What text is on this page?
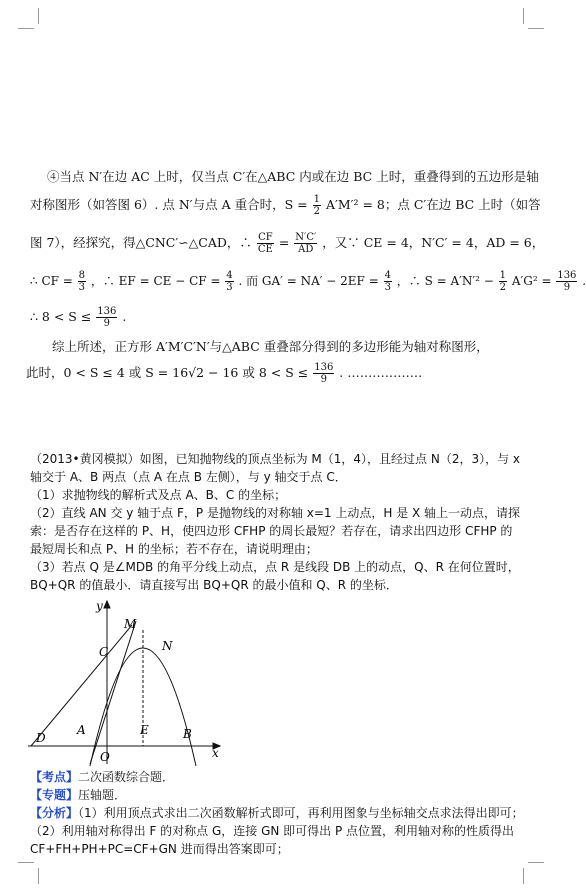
④当点 N′在边 AC 上时，仅当点 C′在△ABC 内或在边 BC 上时，重叠得到的五边形是轴
对称图形（如答图 6）. 点 N′与点 A 重合时，$S = \frac{1}{2} A'M'^2 = 8$；点 C′在边 BC 上时（如答
图 7），经探究，得△CNC′∽△CAD，∴ $\frac{CF}{CE} = \frac{N'C'}{AD}$ ，又∵ CE = 4，N′C′ = 4，AD = 6，
∴ CF = $\frac{8}{3}$ ，∴ EF = CE − CF = $\frac{4}{3}$ . 而 $GA' = NA' - 2EF = \frac{4}{3}$ ，∴ $S = A'N'^2 - \frac{1}{2} A'G^2 = \frac{136}{9}$ .
∴ $8 < S \le \frac{136}{9}$ .
综上所述，正方形 A′M′C′N′与△ABC 重叠部分得到的多边形能为轴对称图形，
此时，0 < S ≤ 4 或 S = 16√2 − 16 或 $8 < S \le \frac{136}{9}$ . ………………
（2013•黄冈模拟）如图，已知抛物线的顶点坐标为 M（1，4），且经过点 N（2，3），与 x
轴交于 A、B 两点（点 A 在点 B 左侧），与 y 轴交于点 C．
（1）求抛物线的解析式及点 A、B、C 的坐标；
（2）直线 AN 交 y 轴于点 F，P 是抛物线的对称轴 x=1 上动点，H 是 X 轴上一动点，请探
索：是否存在这样的 P、H，使四边形 CFHP 的周长最短？若存在，请求出四边形 CFHP 的
最短周长和点 P、H 的坐标；若不存在，请说明理由；
（3）若点 Q 是∠MDB 的角平分线上动点，点 R 是线段 DB 上的动点，Q、R 在何位置时，
BQ+QR 的值最小．请直接写出 BQ+QR 的最小值和 Q、R 的坐标．
y
M
N
C
D
A	E	B
O	x
【考点】二次函数综合题．
【专题】压轴题．
【分析】（1）利用顶点式求出二次函数解析式即可，再利用图象与坐标轴交点求法得出即可；
（2）利用轴对称得出 F 的对称点 G，连接 GN 即可得出 P 点位置，利用轴对称的性质得出
CF+FH+PH+PC=CF+GN 进而得出答案即可；
